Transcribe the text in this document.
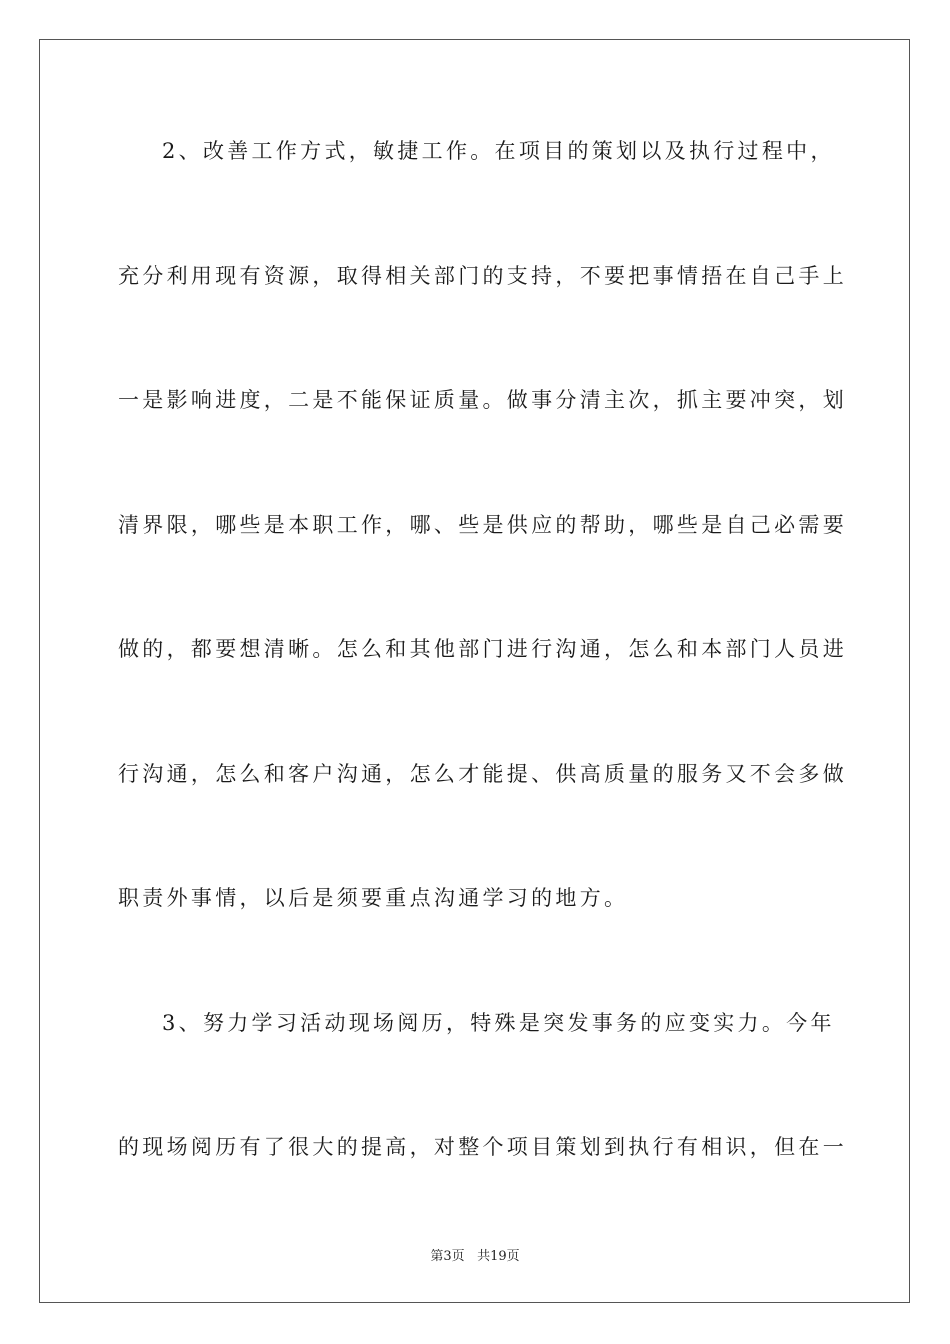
2、改善工作方式，敏捷工作。在项目的策划以及执行过程中，
充分利用现有资源，取得相关部门的支持，不要把事情捂在自己手上
一是影响进度，二是不能保证质量。做事分清主次，抓主要冲突，划
清界限，哪些是本职工作，哪、些是供应的帮助，哪些是自己必需要
做的，都要想清晰。怎么和其他部门进行沟通，怎么和本部门人员进
行沟通，怎么和客户沟通，怎么才能提、供高质量的服务又不会多做
职责外事情，以后是须要重点沟通学习的地方。
3、努力学习活动现场阅历，特殊是突发事务的应变实力。今年
的现场阅历有了很大的提高，对整个项目策划到执行有相识，但在一
第3页 共19页
